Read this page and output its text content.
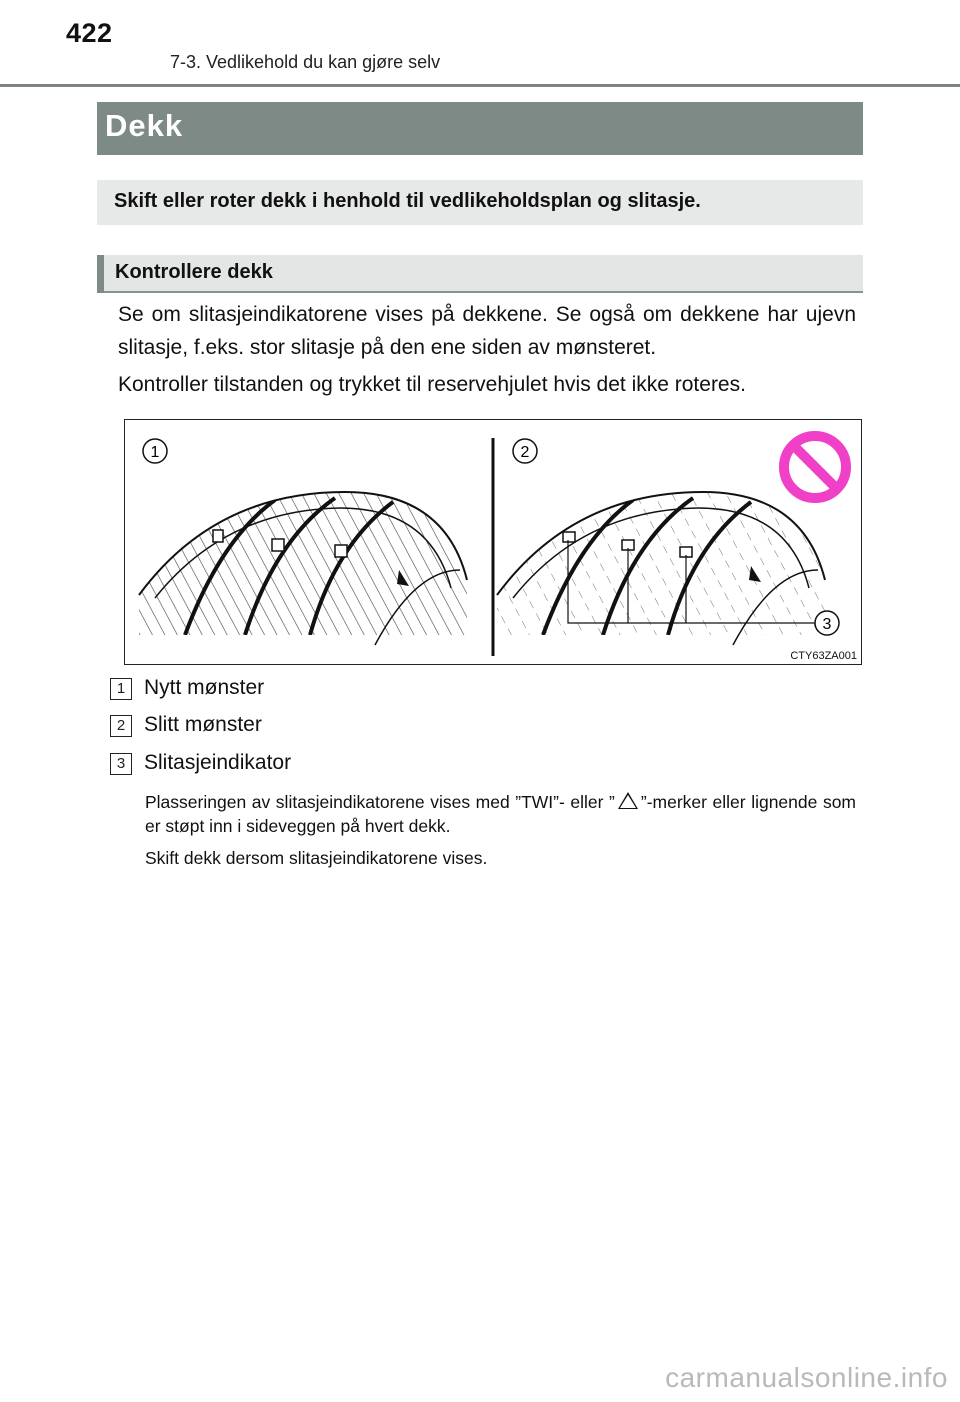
422
7-3. Vedlikehold du kan gjøre selv
Dekk
Skift eller roter dekk i henhold til vedlikeholdsplan og slitasje.
Kontrollere dekk
Se om slitasjeindikatorene vises på dekkene. Se også om dekkene har ujevn slitasje, f.eks. stor slitasje på den ene siden av mønsteret.
Kontroller tilstanden og trykket til reservehjulet hvis det ikke roteres.
1	2
3
CTY63ZA001
1 Nytt mønster
2 Slitt mønster
3 Slitasjeindikator
Plasseringen av slitasjeindikatorene vises med ”TWI”- eller ” ”-merker eller lignende som er støpt inn i sideveggen på hvert dekk.
Skift dekk dersom slitasjeindikatorene vises.
carmanualsonline.info
